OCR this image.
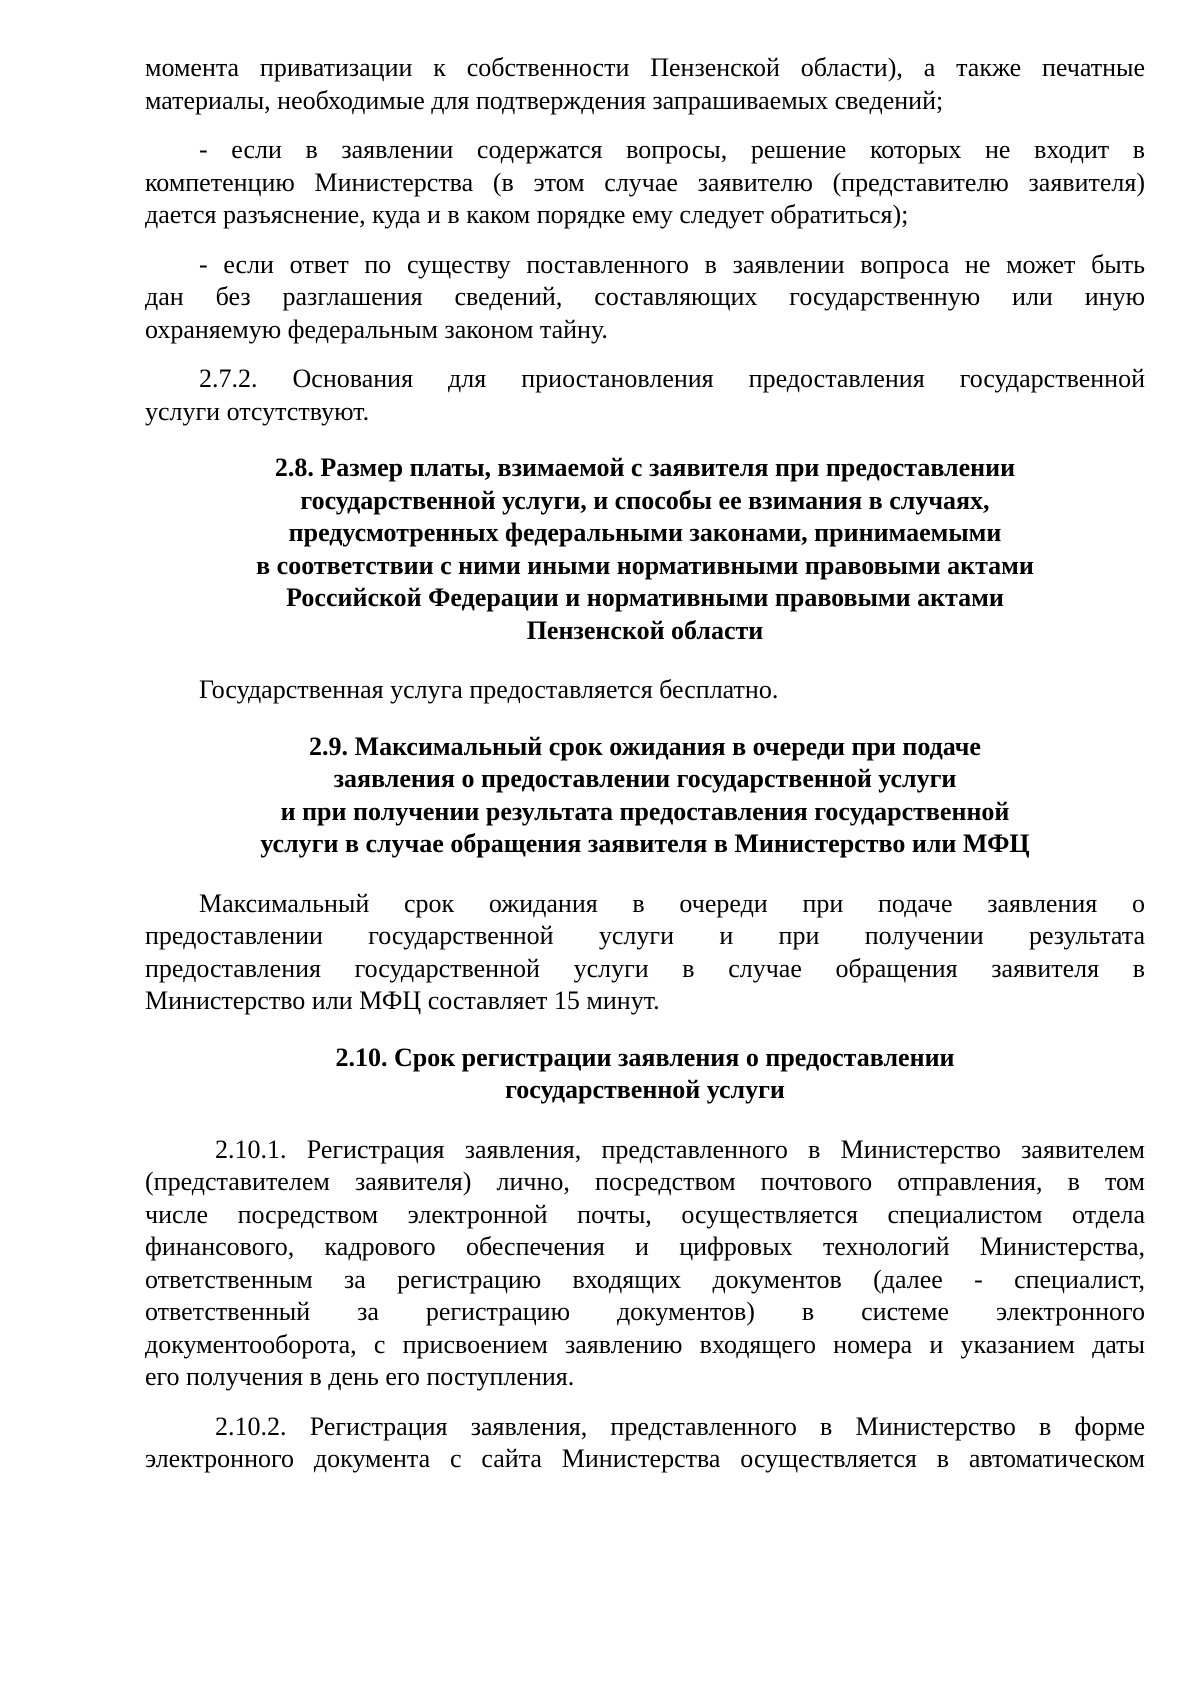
момента приватизации к собственности Пензенской области), а также печатные
материалы, необходимые для подтверждения запрашиваемых сведений;

- если в заявлении содержатся вопросы, решение которых не входит в
компетенцию Министерства (в этом случае заявителю (представителю заявителя)
дается разъяснение, куда и в каком порядке ему следует обратиться);

- если ответ по существу поставленного в заявлении вопроса не может быть
дан без разглашения сведений, составляющих государственную или иную
охраняемую федеральным законом тайну.

2.7.2. Основания для приостановления предоставления государственной
услуги отсутствуют.

2.8. Размер платы, взимаемой с заявителя при предоставлении
государственной услуги, и способы ее взимания в случаях,
предусмотренных федеральными законами, принимаемыми
в соответствии с ними иными нормативными правовыми актами
Российской Федерации и нормативными правовыми актами
Пензенской области

Государственная услуга предоставляется бесплатно.

2.9. Максимальный срок ожидания в очереди при подаче
заявления о предоставлении государственной услуги
и при получении результата предоставления государственной
услуги в случае обращения заявителя в Министерство или МФЦ

Максимальный срок ожидания в очереди при подаче заявления о
предоставлении государственной услуги и при получении результата
предоставления государственной услуги в случае обращения заявителя в
Министерство или МФЦ составляет 15 минут.

2.10. Срок регистрации заявления о предоставлении
государственной услуги

2.10.1. Регистрация заявления, представленного в Министерство заявителем
(представителем заявителя) лично, посредством почтового отправления, в том
числе посредством электронной почты, осуществляется специалистом отдела
финансового, кадрового обеспечения и цифровых технологий Министерства,
ответственным за регистрацию входящих документов (далее - специалист,
ответственный за регистрацию документов) в системе электронного
документооборота, с присвоением заявлению входящего номера и указанием даты
его получения в день его поступления.

2.10.2. Регистрация заявления, представленного в Министерство в форме
электронного документа с сайта Министерства осуществляется в автоматическом
